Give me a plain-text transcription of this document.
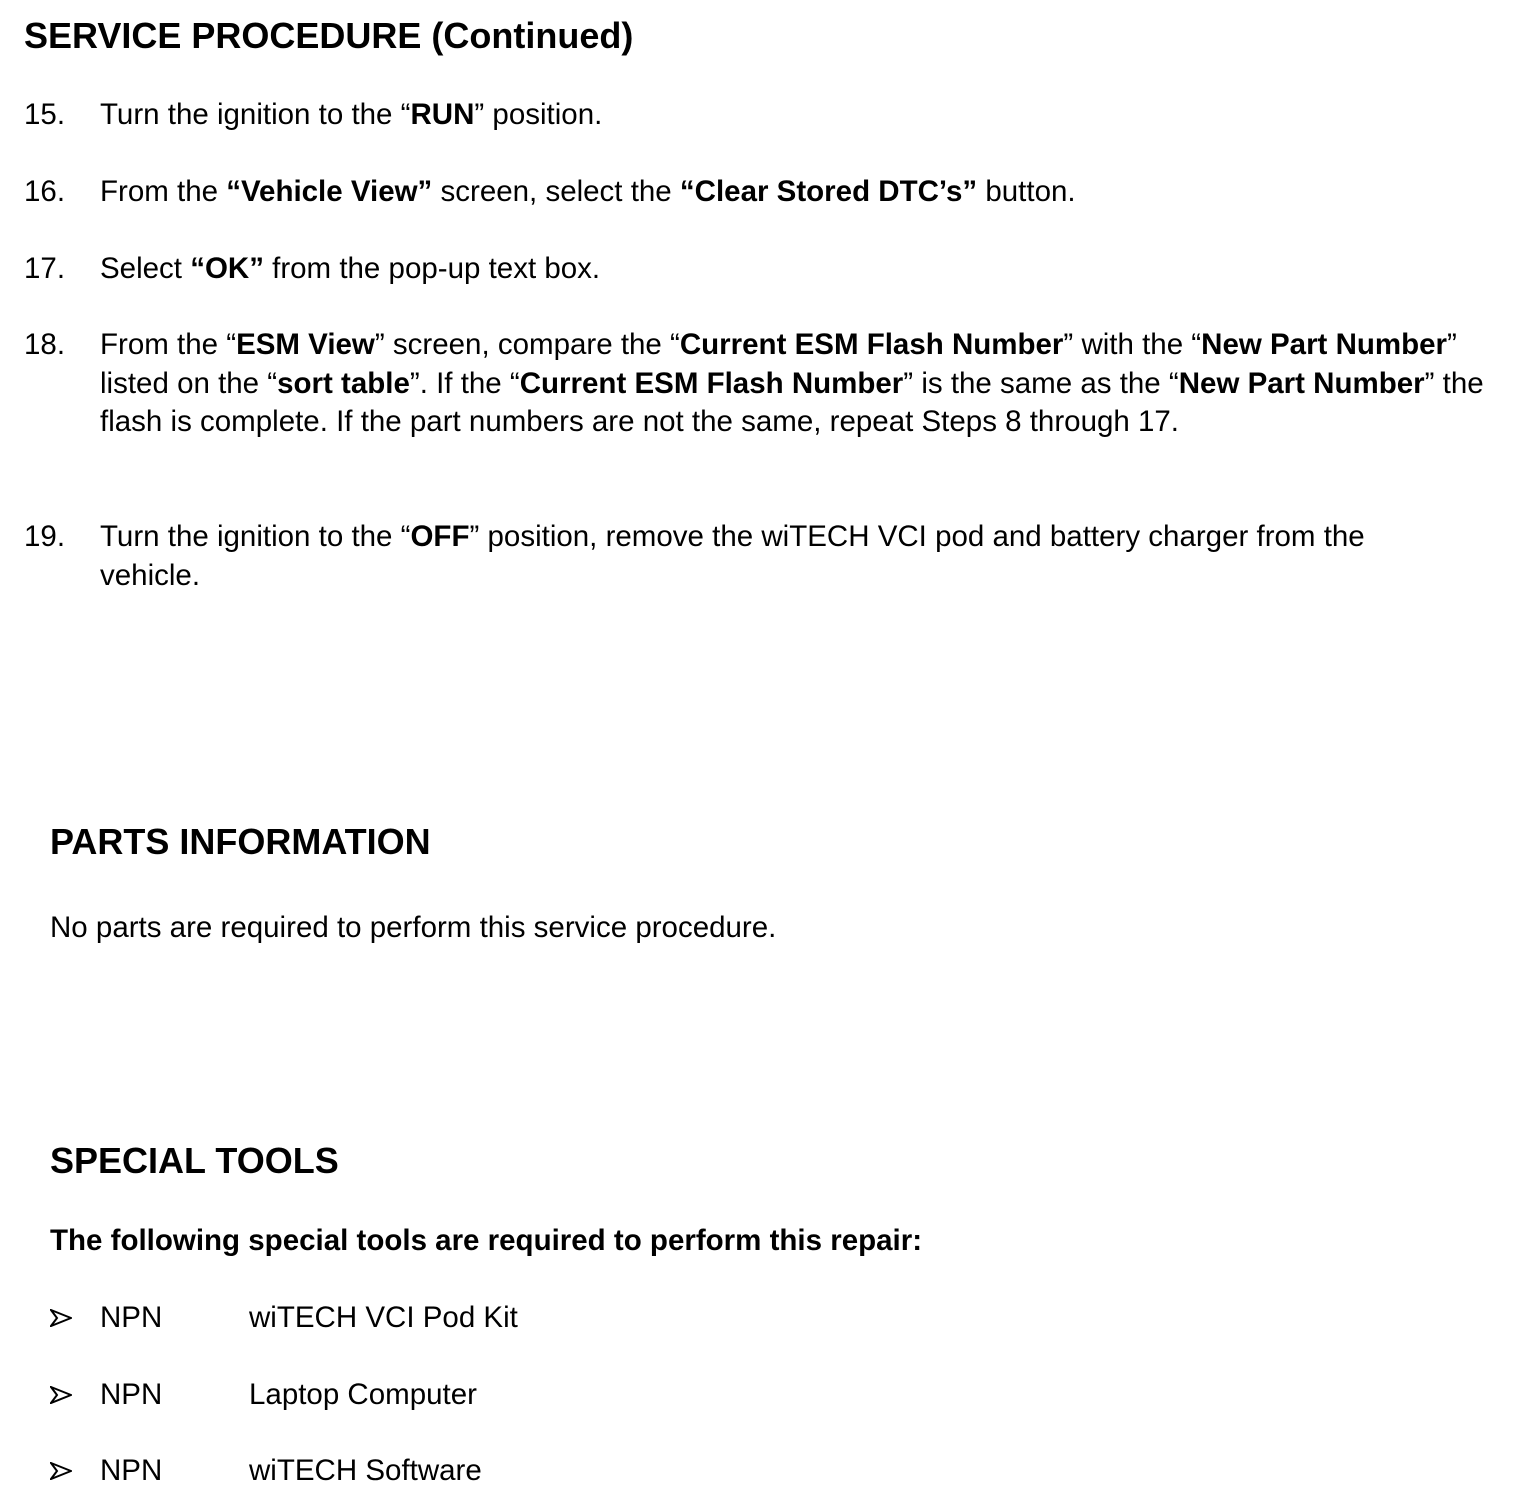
SERVICE PROCEDURE (Continued)
15. Turn the ignition to the “RUN” position.
16. From the “Vehicle View” screen, select the “Clear Stored DTC’s” button.
17. Select “OK” from the pop-up text box.
18. From the “ESM View” screen, compare the “Current ESM Flash Number” with the “New Part Number” listed on the “sort table”. If the “Current ESM Flash Number” is the same as the “New Part Number” the flash is complete. If the part numbers are not the same, repeat Steps 8 through 17.
19. Turn the ignition to the “OFF” position, remove the wiTECH VCI pod and battery charger from the vehicle.
PARTS INFORMATION

No parts are required to perform this service procedure.

SPECIAL TOOLS

The following special tools are required to perform this repair:

NPN	wiTECH VCI Pod Kit
NPN	Laptop Computer
NPN	wiTECH Software
